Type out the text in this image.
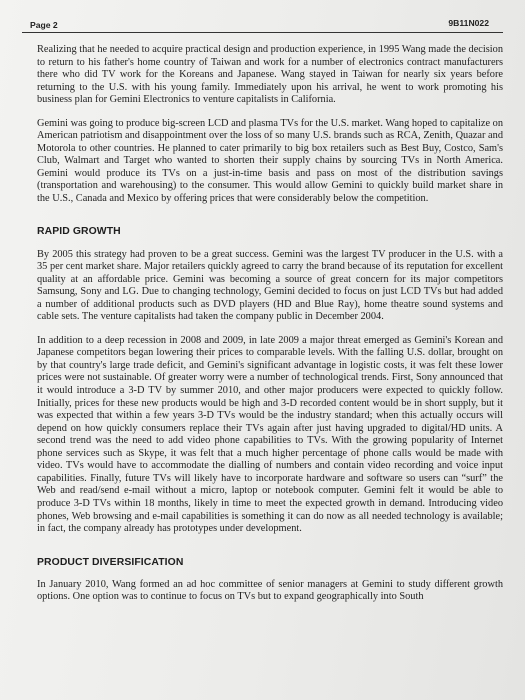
Page 2	9B11N022

Realizing that he needed to acquire practical design and production experience, in 1995 Wang made the decision to return to his father's home country of Taiwan and work for a number of electronics contract manufacturers there who did TV work for the Koreans and Japanese. Wang stayed in Taiwan for nearly six years before returning to the U.S. with his young family. Immediately upon his arrival, he went to work promoting his business plan for Gemini Electronics to venture capitalists in California.

Gemini was going to produce big-screen LCD and plasma TVs for the U.S. market. Wang hoped to capitalize on American patriotism and disappointment over the loss of so many U.S. brands such as RCA, Zenith, Quazar and Motorola to other countries. He planned to cater primarily to big box retailers such as Best Buy, Costco, Sam's Club, Walmart and Target who wanted to shorten their supply chains by sourcing TVs in North America. Gemini would produce its TVs on a just-in-time basis and pass on most of the distribution savings (transportation and warehousing) to the consumer. This would allow Gemini to quickly build market share in the U.S., Canada and Mexico by offering prices that were considerably below the competition.

RAPID GROWTH

By 2005 this strategy had proven to be a great success. Gemini was the largest TV producer in the U.S. with a 35 per cent market share. Major retailers quickly agreed to carry the brand because of its reputation for excellent quality at an affordable price. Gemini was becoming a source of great concern for its major competitors Samsung, Sony and LG. Due to changing technology, Gemini decided to focus on just LCD TVs but had added a number of additional products such as DVD players (HD and Blue Ray), home theatre sound systems and cable sets. The venture capitalists had taken the company public in December 2004.

In addition to a deep recession in 2008 and 2009, in late 2009 a major threat emerged as Gemini's Korean and Japanese competitors began lowering their prices to comparable levels. With the falling U.S. dollar, brought on by that country's large trade deficit, and Gemini's significant advantage in logistic costs, it was felt these lower prices were not sustainable. Of greater worry were a number of technological trends. First, Sony announced that it would introduce a 3-D TV by summer 2010, and other major producers were expected to quickly follow. Initially, prices for these new products would be high and 3-D recorded content would be in short supply, but it was expected that within a few years 3-D TVs would be the industry standard; when this actually occurs will depend on how quickly consumers replace their TVs again after just having upgraded to digital/HD units. A second trend was the need to add video phone capabilities to TVs. With the growing popularity of Internet phone services such as Skype, it was felt that a much higher percentage of phone calls would be made with video. TVs would have to accommodate the dialling of numbers and contain video recording and voice input capabilities. Finally, future TVs will likely have to incorporate hardware and software so users can “surf” the Web and read/send e-mail without a micro, laptop or notebook computer. Gemini felt it would be able to produce 3-D TVs within 18 months, likely in time to meet the expected growth in demand. Introducing video phones, Web browsing and e-mail capabilities is something it can do now as all needed technology is available; in fact, the company already has prototypes under development.

PRODUCT DIVERSIFICATION

In January 2010, Wang formed an ad hoc committee of senior managers at Gemini to study different growth options. One option was to continue to focus on TVs but to expand geographically into South
